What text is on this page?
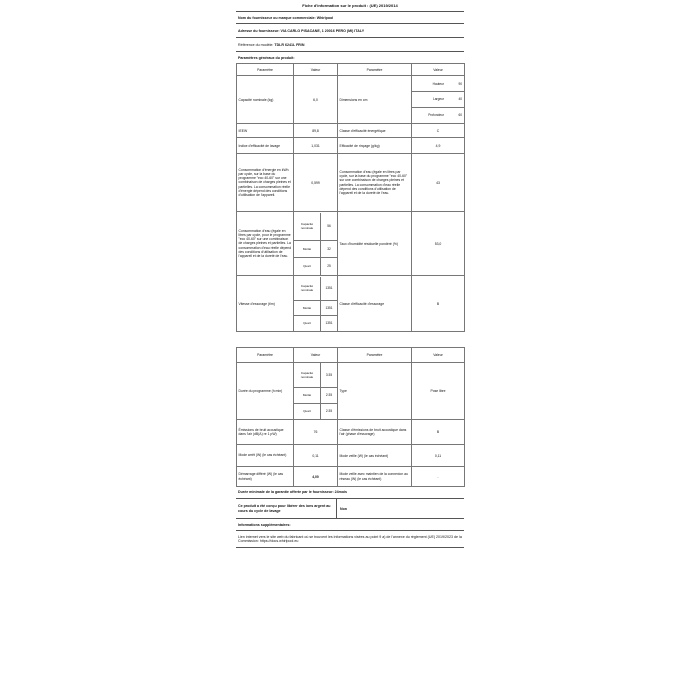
Fiche d'information sur le produit : (UE) 2019/2014
Nom du fournisseur ou marque commerciale: Whirlpool
Adresse du fournisseur: VIA CARLO PISACANE, 1 20016 PERO (MI) ITALY
Référence du modèle: TDLR 6241L FR/N
Paramètres généraux du produit:
Paramètre	Valeur	Paramètre	Valeur
Capacité nominale (kg)	6,0	Dimensions en cm	
Hauteur	90
Largeur	40
Profondeur	60

IEEW	89,8	Classe d'efficacité énergétique	C
Indice d'efficacité de lavage	1,031	Efficacité de rinçage (g/kg)	4,9
Consommation d'énergie en kWh par cycle, sur la base du programme "eco 40-60" sur une combinaison de charges pleines et partielles. La consommation réelle d'énergie dépend des conditions d'utilisation de l'appareil.	0,599	Consommation d'eau (égale en litres par cycle, sur la base du programme "eco 40-60" sur une combinaison de charges pleines et partielles. La consommation d'eau réelle dépend des conditions d'utilisation de l'appareil et de la dureté de l'eau.	43
Consommation d'eau (égale en litres par cycle, pour le programme "eco 40-60" sur une combinaison de charges pleines et partielles. La consommation d'eau réelle dépend des conditions d'utilisation de l'appareil et de la dureté de l'eau.	
Capacité nominale	56
Moitié	32
Quart	25
	Taux d'humidité résiduelle pondéré (%)	53,0
Vitesse d'essorage (t/m)	
Capacité nominale	1351
Moitié	1351
Quart	1351
	Classe d'efficacité d'essorage	B
Paramètre	Valeur	Paramètre	Valeur
Durée du programme (h:min)	
Capacité nominale	3:35
Moitié	2:35
Quart	2:35
	Type	Pose libre
Émissions de bruit acoustique dans l'air (dB(A) re 1 pW)	76	Classe d'émissions de bruit acoustique dans l'air (phase d'essorage)	B
Mode arrêt (W) (le cas échéant)	0,11	Mode veille (W) (le cas échéant)	0,11
Démarrage différé (W) (le cas échéant)	4,00	Mode veille avec maintien de la connexion au réseau (W) (le cas échéant)	-
Durée minimale de la garantie offerte par le fournisseur: 24mois
Ce produit a été conçu pour libérer des ions argent au cours du cycle de lavage	Non
Informations supplémentaires:
Lien internet vers le site web du fabricant où se trouvent les informations visées au point 9 a) de l'annexe du règlement (UE) 2019/2023 de la Commission: https://docs.whirlpool.eu
